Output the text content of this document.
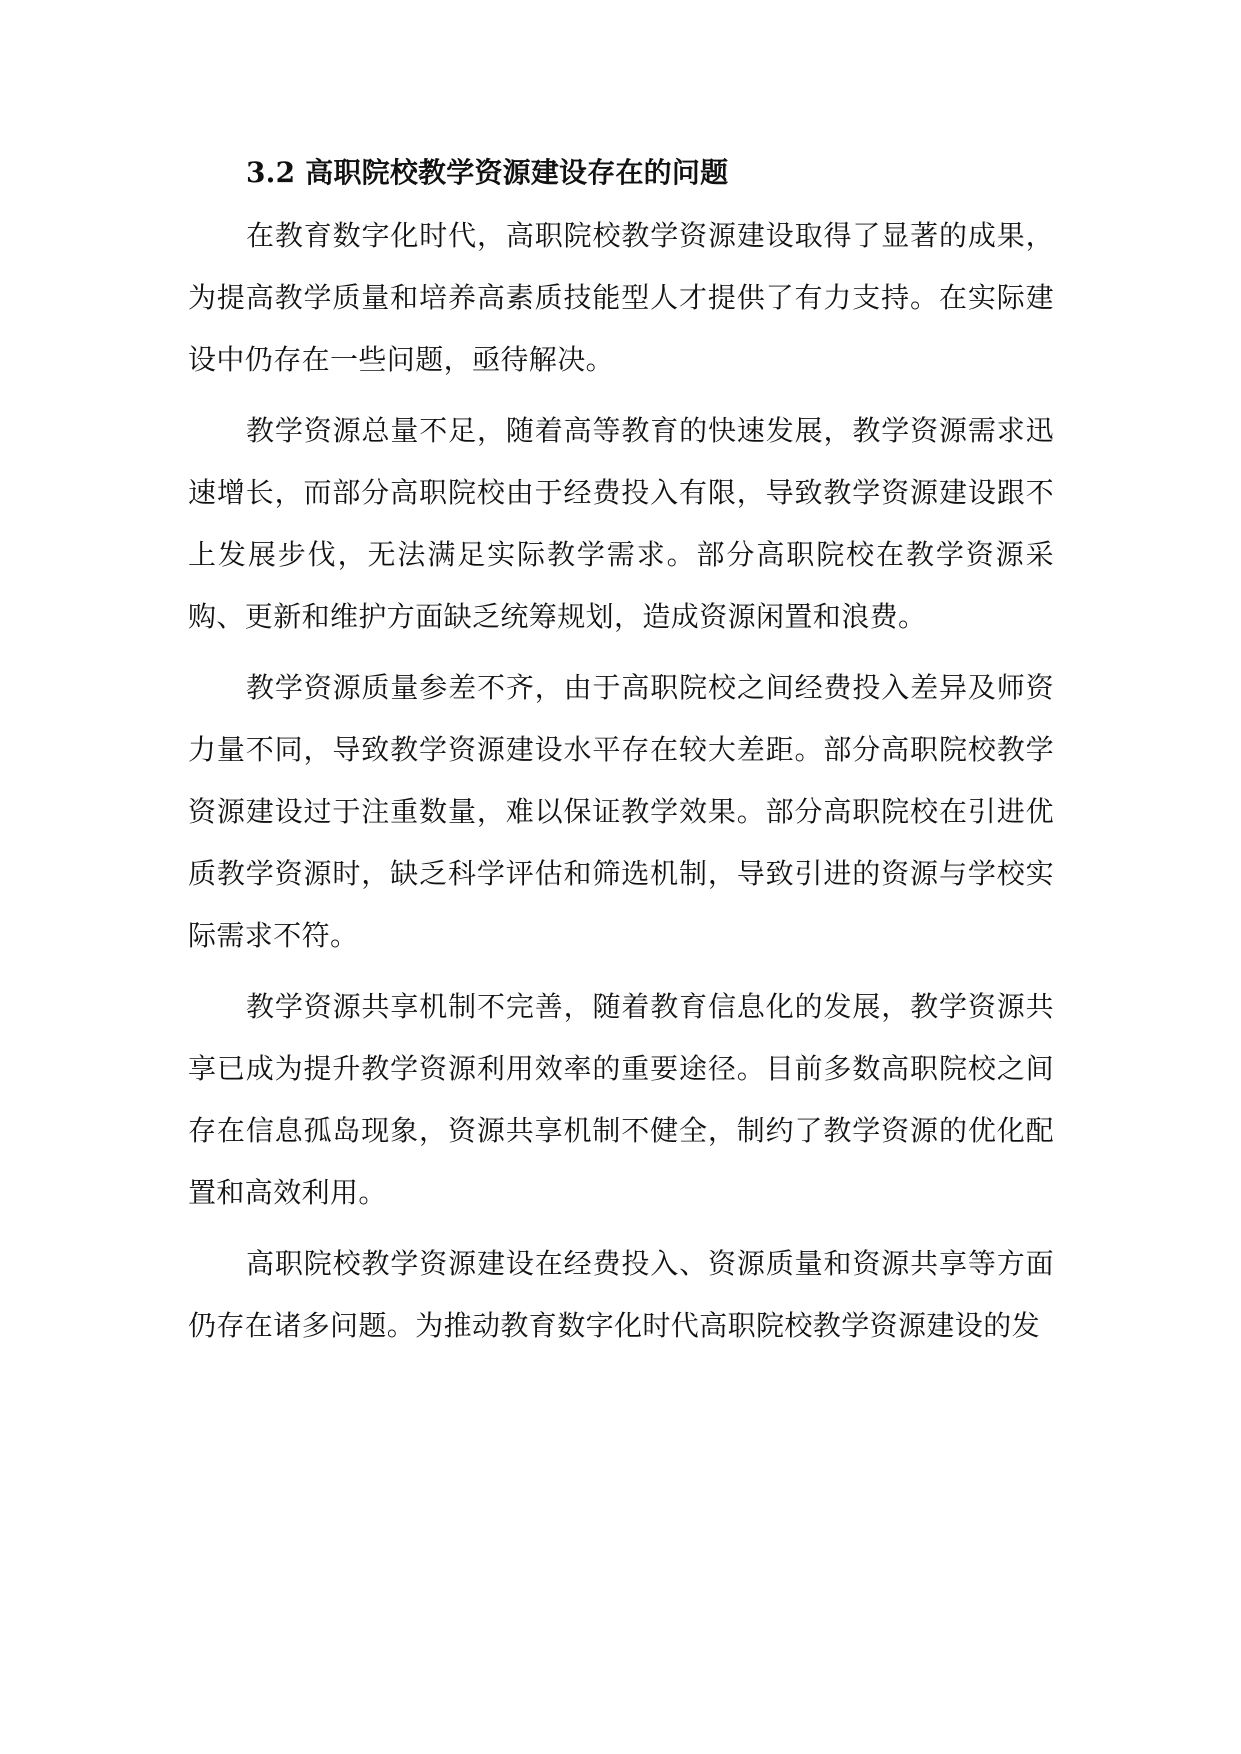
3.2 高职院校教学资源建设存在的问题

在教育数字化时代，高职院校教学资源建设取得了显著的成果，为提高教学质量和培养高素质技能型人才提供了有力支持。在实际建设中仍存在一些问题，亟待解决。

教学资源总量不足，随着高等教育的快速发展，教学资源需求迅速增长，而部分高职院校由于经费投入有限，导致教学资源建设跟不上发展步伐，无法满足实际教学需求。部分高职院校在教学资源采购、更新和维护方面缺乏统筹规划，造成资源闲置和浪费。

教学资源质量参差不齐，由于高职院校之间经费投入差异及师资力量不同，导致教学资源建设水平存在较大差距。部分高职院校教学资源建设过于注重数量，难以保证教学效果。部分高职院校在引进优质教学资源时，缺乏科学评估和筛选机制，导致引进的资源与学校实际需求不符。

教学资源共享机制不完善，随着教育信息化的发展，教学资源共享已成为提升教学资源利用效率的重要途径。目前多数高职院校之间存在信息孤岛现象，资源共享机制不健全，制约了教学资源的优化配置和高效利用。

高职院校教学资源建设在经费投入、资源质量和资源共享等方面仍存在诸多问题。为推动教育数字化时代高职院校教学资源建设的发
